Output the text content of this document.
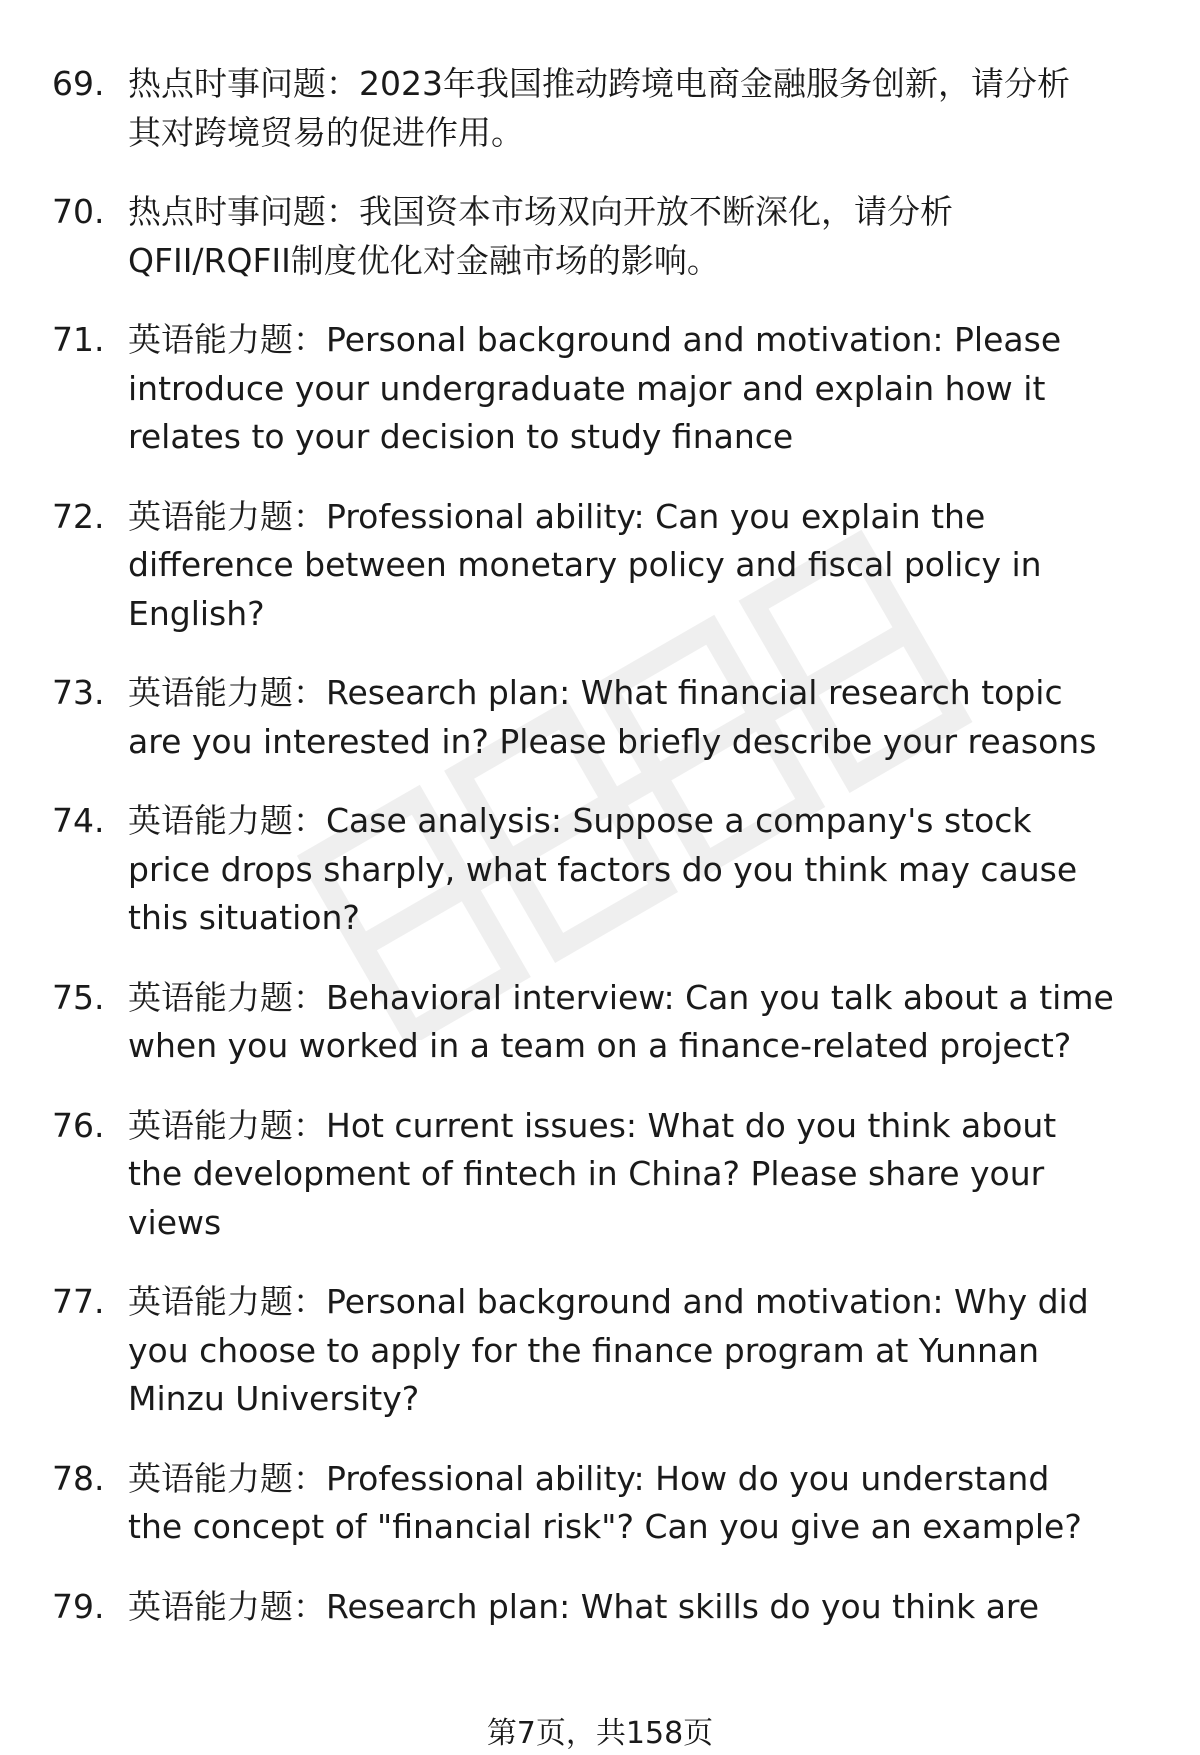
69. 热点时事问题：2023年我国推动跨境电商金融服务创新，请分析
其对跨境贸易的促进作用。
70. 热点时事问题：我国资本市场双向开放不断深化，请分析
QFII/RQFII制度优化对金融市场的影响。
71. 英语能力题：Personal background and motivation: Please
introduce your undergraduate major and explain how it
relates to your decision to study finance
72. 英语能力题：Professional ability: Can you explain the
difference between monetary policy and fiscal policy in
English?
73. 英语能力题：Research plan: What financial research topic
are you interested in? Please briefly describe your reasons
74. 英语能力题：Case analysis: Suppose a company's stock
price drops sharply, what factors do you think may cause
this situation?
75. 英语能力题：Behavioral interview: Can you talk about a time
when you worked in a team on a finance-related project?
76. 英语能力题：Hot current issues: What do you think about
the development of fintech in China? Please share your
views
77. 英语能力题：Personal background and motivation: Why did
you choose to apply for the finance program at Yunnan
Minzu University?
78. 英语能力题：Professional ability: How do you understand
the concept of "financial risk"? Can you give an example?
79. 英语能力题：Research plan: What skills do you think are
第7页，共158页
